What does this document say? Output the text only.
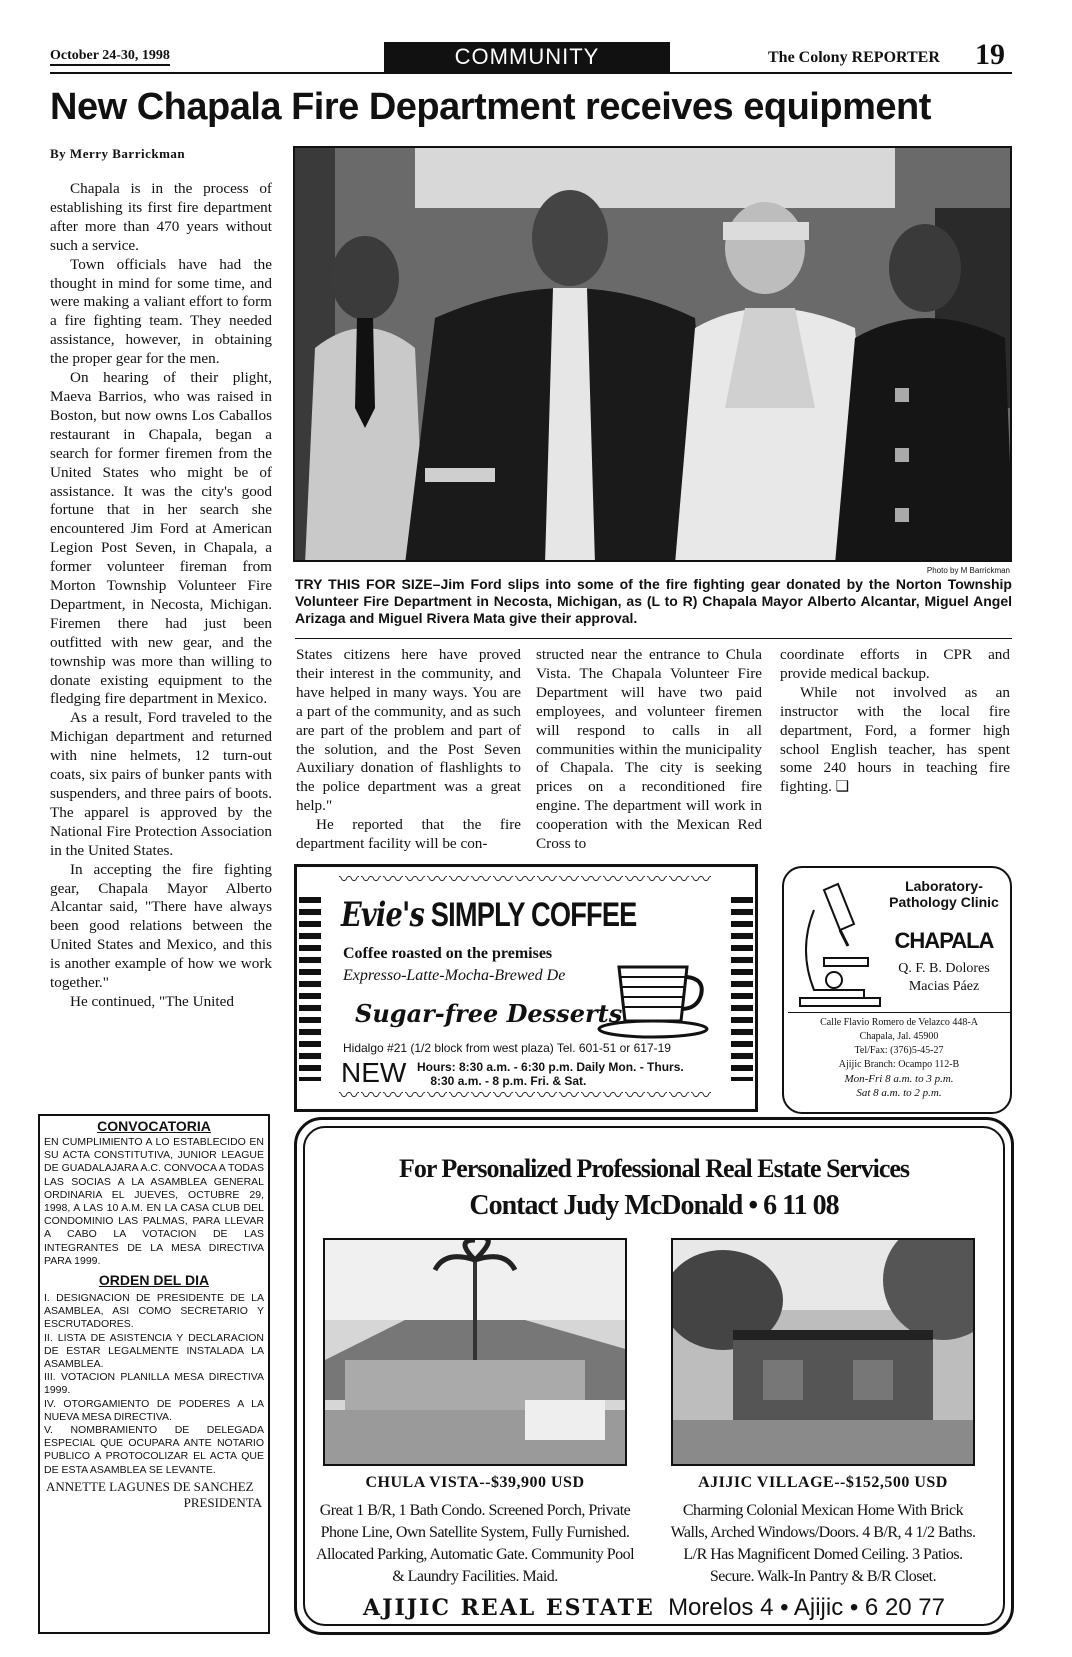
October 24-30, 1998	COMMUNITY	The Colony REPORTER 19
New Chapala Fire Department receives equipment
By Merry Barrickman

Chapala is in the process of establishing its first fire department after more than 470 years without such a service.

Town officials have had the thought in mind for some time, and were making a valiant effort to form a fire fighting team. They needed assistance, however, in obtaining the proper gear for the men.

On hearing of their plight, Maeva Barrios, who was raised in Boston, but now owns Los Caballos restaurant in Chapala, began a search for former firemen from the United States who might be of assistance. It was the city's good fortune that in her search she encountered Jim Ford at American Legion Post Seven, in Chapala, a former volunteer fireman from Morton Township Volunteer Fire Department, in Necosta, Michigan. Firemen there had just been outfitted with new gear, and the township was more than willing to donate existing equipment to the fledging fire department in Mexico.

As a result, Ford traveled to the Michigan department and returned with nine helmets, 12 turn-out coats, six pairs of bunker pants with suspenders, and three pairs of boots. The apparel is approved by the National Fire Protection Association in the United States.

In accepting the fire fighting gear, Chapala Mayor Alberto Alcantar said, "There have always been good relations between the United States and Mexico, and this is another example of how we work together."

He continued, "The United

Photo by M Barrickman
TRY THIS FOR SIZE–Jim Ford slips into some of the fire fighting gear donated by the Norton Township Volunteer Fire Department in Necosta, Michigan, as (L to R) Chapala Mayor Alberto Alcantar, Miguel Angel Arizaga and Miguel Rivera Mata give their approval.

States citizens here have proved their interest in the community, and have helped in many ways. You are a part of the community, and as such are part of the problem and part of the solution, and the Post Seven Auxiliary donation of flashlights to the police department was a great help."

He reported that the fire department facility will be con-

structed near the entrance to Chula Vista. The Chapala Volunteer Fire Department will have two paid employees, and volunteer firemen will respond to calls in all communities within the municipality of Chapala. The city is seeking prices on a reconditioned fire engine. The department will work in cooperation with the Mexican Red Cross to

coordinate efforts in CPR and provide medical backup.

While not involved as an instructor with the local fire department, Ford, a former high school English teacher, has spent some 240 hours in teaching fire fighting. ❑

〰〰〰〰〰〰〰〰〰〰〰〰〰〰〰〰〰
Evie's SIMPLY COFFEE
Coffee roasted on the premises
Expresso-Latte-Mocha-Brewed De
Sugar-free Desserts
Hidalgo #21 (1/2 block from west plaza) Tel. 601-51 or 617-19
NEW Hours: 8:30 a.m. - 6:30 p.m. Daily Mon. - Thurs.
8:30 a.m. - 8 p.m. Fri. & Sat.
〰〰〰〰〰〰〰〰〰〰〰〰〰〰〰〰〰
Laboratory-Pathology Clinic
CHAPALA
Q. F. B. Dolores Macias Páez
Calle Flavio Romero de Velazco 448-A
Chapala, Jal. 45900
Tel/Fax: (376)5-45-27
Ajijic Branch: Ocampo 112-B
Mon-Fri 8 a.m. to 3 p.m.
Sat 8 a.m. to 2 p.m.
CONVOCATORIA
EN CUMPLIMIENTO A LO ESTABLECIDO EN SU ACTA CONSTITUTIVA, JUNIOR LEAGUE DE GUADALAJARA A.C. CONVOCA A TODAS LAS SOCIAS A LA ASAMBLEA GENERAL ORDINARIA EL JUEVES, OCTUBRE 29, 1998, A LAS 10 A.M. EN LA CASA CLUB DEL CONDOMINIO LAS PALMAS, PARA LLEVAR A CABO LA VOTACION DE LAS INTEGRANTES DE LA MESA DIRECTIVA PARA 1999.
ORDEN DEL DIA
I. DESIGNACION DE PRESIDENTE DE LA ASAMBLEA, ASI COMO SECRETARIO Y ESCRUTADORES.
II. LISTA DE ASISTENCIA Y DECLARACION DE ESTAR LEGALMENTE INSTALADA LA ASAMBLEA.
III. VOTACION PLANILLA MESA DIRECTIVA 1999.
IV. OTORGAMIENTO DE PODERES A LA NUEVA MESA DIRECTIVA.
V. NOMBRAMIENTO DE DELEGADA ESPECIAL QUE OCUPARA ANTE NOTARIO PUBLICO A PROTOCOLIZAR EL ACTA QUE DE ESTA ASAMBLEA SE LEVANTE.
ANNETTE LAGUNES DE SANCHEZ
PRESIDENTA
For Personalized Professional Real Estate Services
Contact Judy McDonald • 6 11 08
CHULA VISTA--$39,900 USD	AJIJIC VILLAGE--$152,500 USD
Great 1 B/R, 1 Bath Condo. Screened Porch, Private Phone Line, Own Satellite System, Fully Furnished. Allocated Parking, Automatic Gate. Community Pool & Laundry Facilities. Maid.
Charming Colonial Mexican Home With Brick Walls, Arched Windows/Doors. 4 B/R, 4 1/2 Baths. L/R Has Magnificent Domed Ceiling. 3 Patios. Secure. Walk-In Pantry & B/R Closet.
AJIJIC REAL ESTATE Morelos 4 • Ajijic • 6 20 77
